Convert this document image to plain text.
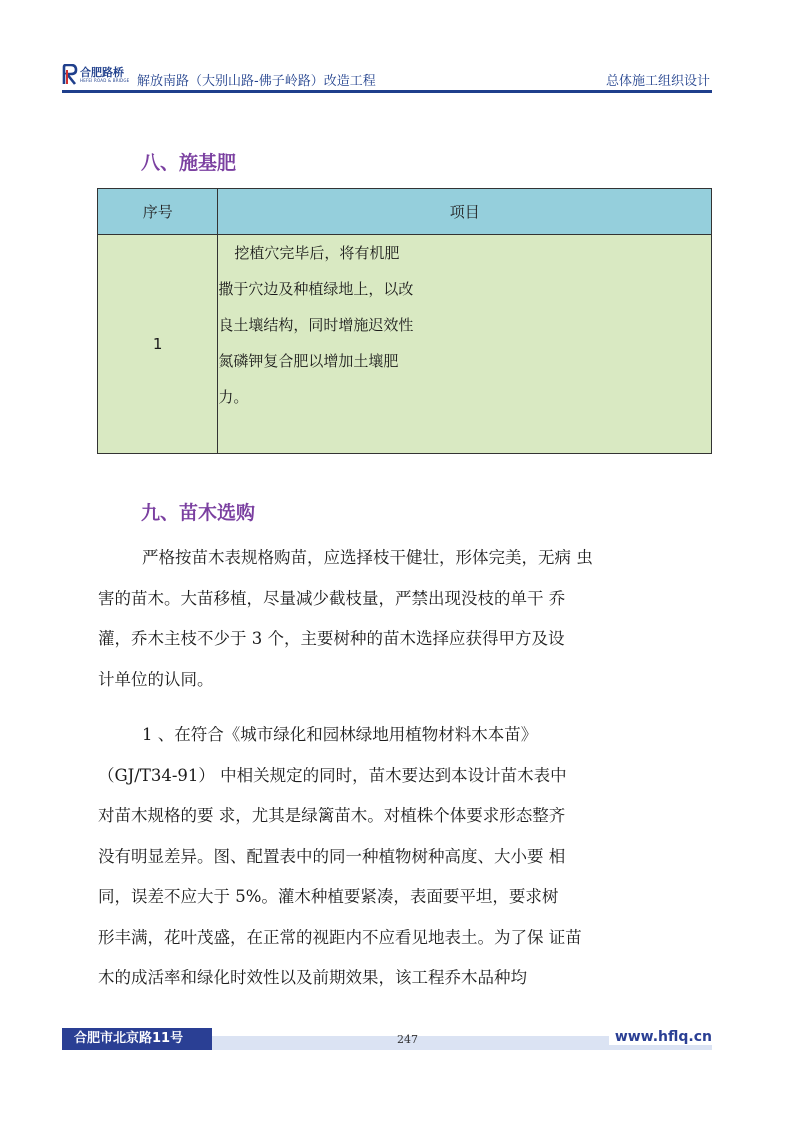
合肥路桥
HEFEI ROAD & BRIDGE 解放南路（大别山路-佛子岭路）改造工程	总体施工组织设计
八、施基肥
序号	项目
1	挖植穴完毕后，将有机肥
撒于穴边及种植绿地上，以改
良土壤结构，同时增施迟效性
氮磷钾复合肥以增加土壤肥
力。
九、苗木选购
严格按苗木表规格购苗，应选择枝干健壮，形体完美，无病 虫
害的苗木。大苗移植，尽量减少截枝量，严禁出现没枝的单干 乔
灌，乔木主枝不少于 3 个，主要树种的苗木选择应获得甲方及设
计单位的认同。
1 、在符合《城市绿化和园林绿地用植物材料木本苗》
（GJ/T34-91） 中相关规定的同时，苗木要达到本设计苗木表中
对苗木规格的要 求，尤其是绿篱苗木。对植株个体要求形态整齐
没有明显差异。图、配置表中的同一种植物树种高度、大小要 相
同，误差不应大于 5%。灌木种植要紧凑，表面要平坦，要求树
形丰满，花叶茂盛，在正常的视距内不应看见地表土。为了保 证苗
木的成活率和绿化时效性以及前期效果，该工程乔木品种均
合肥市北京路11号	247	www.hflq.cn
